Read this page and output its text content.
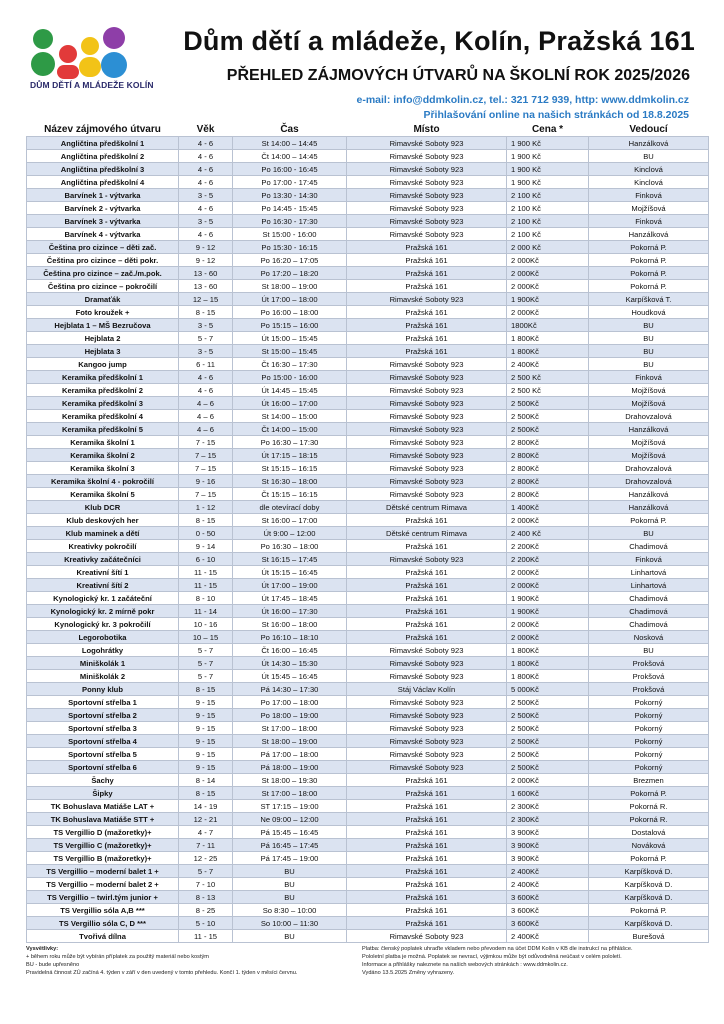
DŮM DĚTÍ A MLÁDEŽE KOLÍN
Dům dětí a mládeže, Kolín, Pražská 161
PŘEHLED ZÁJMOVÝCH ÚTVARŮ NA ŠKOLNÍ ROK 2025/2026
e-mail: info@ddmkolin.cz, tel.: 321 712 939, http: www.ddmkolin.cz
Přihlašování online na našich stránkách od 18.8.2025
Název zájmového útvaru	Věk	Čas	Místo	Cena *	Vedoucí
Angličtina předškolní 1	4 - 6	St 14:00 – 14:45	Rimavské Soboty 923	1 900 Kč	Hanzálková
Angličtina předškolní 2	4 - 6	Čt 14:00 – 14:45	Rimavské Soboty 923	1 900 Kč	BU
Angličtina předškolní 3	4 - 6	Po 16:00 - 16:45	Rimavské Soboty 923	1 900 Kč	Kinclová
Angličtina předškolní 4	4 - 6	Po 17:00 - 17:45	Rimavské Soboty 923	1 900 Kč	Kinclová
Barvínek 1 - výtvarka	3 - 5	Po 13:30 - 14:30	Rimavské Soboty 923	2 100 Kč	Finková
Barvínek 2 - výtvarka	4 - 6	Po 14:45 - 15:45	Rimavské Soboty 923	2 100 Kč	Mojžíšová
Barvínek 3 - výtvarka	3 - 5	Po 16:30 - 17:30	Rimavské Soboty 923	2 100 Kč	Finková
Barvínek 4 - výtvarka	4 - 6	St 15:00 - 16:00	Rimavské Soboty 923	2 100 Kč	Hanzálková
Čeština pro cizince – děti zač.	9 - 12	Po 15:30 - 16:15	Pražská 161	2 000 Kč	Pokorná P.
Čeština pro cizince – děti pokr.	9 - 12	Po 16:20 – 17:05	Pražská 161	2 000Kč	Pokorná P.
Čeština pro cizince – zač./m.pok.	13 - 60	Po 17:20 – 18:20	Pražská 161	2 000Kč	Pokorná P.
Čeština pro cizince – pokročilí	13 - 60	St 18:00 – 19:00	Pražská 161	2 000Kč	Pokorná P.
Dramaťák	12 – 15	Út 17:00 – 18:00	Rimavské Soboty 923	1 900Kč	Karpíšková T.
Foto kroužek +	8 - 15	Po 16:00 – 18:00	Pražská 161	2 000Kč	Houdková
Hejblata 1 – MŠ Bezručova	3 - 5	Po 15:15 – 16:00	Pražská 161	1800Kč	BU
Hejblata 2	5 - 7	Út 15:00 – 15:45	Pražská 161	1 800Kč	BU
Hejblata 3	3 - 5	St 15:00 – 15:45	Pražská 161	1 800Kč	BU
Kangoo jump	6 - 11	Čt 16:30 – 17:30	Rimavské Soboty 923	2 400Kč	BU
Keramika předškolní 1	4 - 6	Po 15:00 - 16:00	Rimavské Soboty 923	2 500 Kč	Finková
Keramika předškolní 2	4 - 6	Út 14:45 – 15:45	Rimavské Soboty 923	2 500 Kč	Mojžíšová
Keramika předškolní 3	4 – 6	Út 16:00 – 17:00	Rimavské Soboty 923	2 500Kč	Mojžíšová
Keramika předškolní 4	4 – 6	St 14:00 – 15:00	Rimavské Soboty 923	2 500Kč	Drahovzalová
Keramika předškolní 5	4 – 6	Čt 14:00 – 15:00	Rimavské Soboty 923	2 500Kč	Hanzálková
Keramika školní 1	7 - 15	Po 16:30 – 17:30	Rimavské Soboty 923	2 800Kč	Mojžíšová
Keramika školní 2	7 – 15	Út 17:15 – 18:15	Rimavské Soboty 923	2 800Kč	Mojžíšová
Keramika školní 3	7 – 15	St 15:15 – 16:15	Rimavské Soboty 923	2 800Kč	Drahovzalová
Keramika školní 4 - pokročilí	9 - 16	St 16:30 – 18:00	Rimavské Soboty 923	2 800Kč	Drahovzalová
Keramika školní 5	7 – 15	Čt 15:15 – 16:15	Rimavské Soboty 923	2 800Kč	Hanzálková
Klub DCR	1 - 12	dle otevírací doby	Dětské centrum Rimava	1 400Kč	Hanzálková
Klub deskových her	8 - 15	St 16:00 – 17:00	Pražská 161	2 000Kč	Pokorná P.
Klub maminek a dětí	0 - 50	Út 9:00 – 12:00	Dětské centrum Rimava	2 400 Kč	BU
Kreativky pokročilí	9 - 14	Po 16:30 – 18:00	Pražská 161	2 200Kč	Chadimová
Kreativky začátečníci	6 - 10	St 16:15 – 17:45	Rimavské Soboty 923	2 200Kč	Finková
Kreativní šítí 1	11 - 15	Út 15:15 – 16:45	Pražská 161	2 000Kč	Linhartová
Kreativní šítí 2	11 - 15	Út 17:00 – 19:00	Pražská 161	2 000Kč	Linhartová
Kynologický kr. 1 začáteční	8 - 10	Út 17:45 – 18:45	Pražská 161	1 900Kč	Chadimová
Kynologický kr. 2 mírně pokr	11 - 14	Út 16:00 – 17:30	Pražská 161	1 900Kč	Chadimová
Kynologický kr. 3 pokročilí	10 - 16	St 16:00 – 18:00	Pražská 161	2 000Kč	Chadimová
Legorobotika	10 – 15	Po 16:10 – 18:10	Pražská 161	2 000Kč	Nosková
Logohrátky	5 - 7	Čt 16:00 – 16:45	Rimavské Soboty 923	1 800Kč	BU
Miniškolák 1	5 - 7	Út 14:30 – 15:30	Rimavské Soboty 923	1 800Kč	Prokšová
Miniškolák 2	5 - 7	Út 15:45 – 16:45	Rimavské Soboty 923	1 800Kč	Prokšová
Ponny klub	8 - 15	Pá 14:30 – 17:30	Stáj Václav Kolín	5 000Kč	Prokšová
Sportovní střelba 1	9 - 15	Po 17:00 – 18:00	Rimavské Soboty 923	2 500Kč	Pokorný
Sportovní střelba 2	9 - 15	Po 18:00 – 19:00	Rimavské Soboty 923	2 500Kč	Pokorný
Sportovní střelba 3	9 - 15	St 17:00 – 18:00	Rimavské Soboty 923	2 500Kč	Pokorný
Sportovní střelba 4	9 - 15	St 18:00 – 19:00	Rimavské Soboty 923	2 500Kč	Pokorný
Sportovní střelba 5	9 - 15	Pá 17:00 – 18:00	Rimavské Soboty 923	2 500Kč	Pokorný
Sportovní střelba 6	9 - 15	Pá 18:00 – 19:00	Rimavské Soboty 923	2 500Kč	Pokorný
Šachy	8 - 14	St 18:00 – 19:30	Pražská 161	2 000Kč	Brezmen
Šipky	8 - 15	St 17:00 – 18:00	Pražská 161	1 600Kč	Pokorná P.
TK Bohuslava Matiáše LAT +	14 - 19	ST 17:15 – 19:00	Pražská 161	2 300Kč	Pokorná R.
TK Bohuslava Matiáše STT +	12 - 21	Ne 09:00 – 12:00	Pražská 161	2 300Kč	Pokorná R.
TS Vergillio D (mažoretky)+	4 - 7	Pá 15:45 – 16:45	Pražská 161	3 900Kč	Dostalová
TS Vergillio C (mažoretky)+	7 - 11	Pá 16:45 – 17:45	Pražská 161	3 900Kč	Nováková
TS Vergillio B (mažoretky)+	12 - 25	Pá 17:45 – 19:00	Pražská 161	3 900Kč	Pokorná P.
TS Vergillio – moderní balet 1 +	5 - 7	BU	Pražská 161	2 400Kč	Karpíšková D.
TS Vergillio – moderní balet 2 +	7 - 10	BU	Pražská 161	2 400Kč	Karpíšková D.
TS Vergillio – twirl.tým junior +	8 - 13	BU	Pražská 161	3 600Kč	Karpíšková D.
TS Vergillio sóla A,B ***	8 - 25	So 8:30 – 10:00	Pražská 161	3 600Kč	Pokorná P.
TS Vergillio sóla C, D ***	5 - 10	So 10:00 – 11:30	Pražská 161	3 600Kč	Karpíšková D.
Tvořivá dílna	11 - 15	BU	Rimavské Soboty 923	2 400Kč	Burešová
Vysvětlivky:
+ během roku může být vybírán příplatek za použitý materiál nebo kostým
BU - bude upřesněno
Pravidelná činnost ZÚ začíná 4. týden v září v den uvedený v tomto přehledu. Končí 1. týden v měsíci červnu.
Platba: členský poplatek uhraďte vkladem nebo převodem na účet DDM Kolín v KB dle instrukcí na přihlášce.
Pololetní platba je možná. Poplatek se nevrací, výjimkou může být odůvodněná neúčast v celém pololetí.
Informace a přihlášky naleznete na našich webových stránkách : www.ddmkolin.cz.
Vydáno 13.5.2025 Změny vyhrazeny.
